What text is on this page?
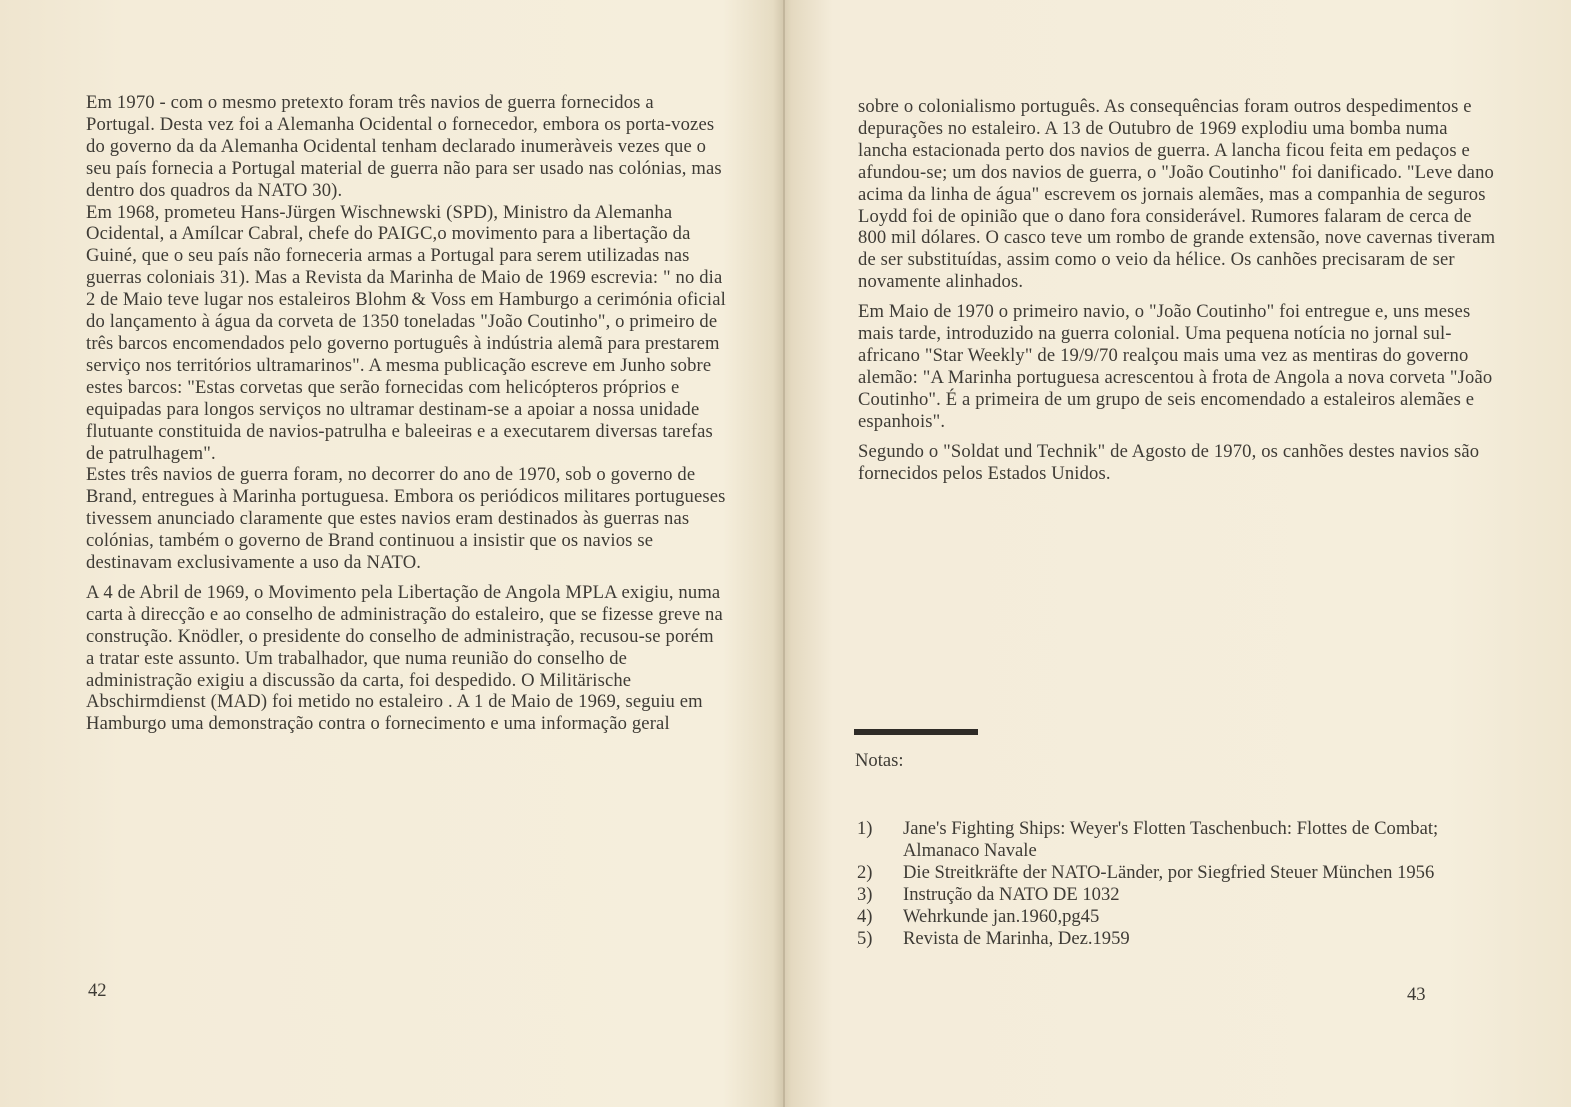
Em 1970 - com o mesmo pretexto foram três navios de guerra fornecidos a Portugal. Desta vez foi a Alemanha Ocidental o fornecedor, embora os porta-vozes do governo da da Alemanha Ocidental tenham declarado inumeràveis vezes que o seu país fornecia a Portugal material de guerra não para ser usado nas colónias, mas dentro dos quadros da NATO 30).

Em 1968, prometeu Hans-Jürgen Wischnewski (SPD), Ministro da Alemanha Ocidental, a Amílcar Cabral, chefe do PAIGC,o movimento para a libertação da Guiné, que o seu país não forneceria armas a Portugal para serem utilizadas nas guerras coloniais 31). Mas a Revista da Marinha de Maio de 1969 escrevia: " no dia 2 de Maio teve lugar nos estaleiros Blohm & Voss em Hamburgo a cerimónia oficial do lançamento à água da corveta de 1350 toneladas "João Coutinho", o primeiro de três barcos encomendados pelo governo português à indústria alemã para prestarem serviço nos territórios ultramarinos". A mesma publicação escreve em Junho sobre estes barcos: "Estas corvetas que serão fornecidas com helicópteros próprios e equipadas para longos serviços no ultramar destinam-se a apoiar a nossa unidade flutuante constituida de navios-patrulha e baleeiras e a executarem diversas tarefas de patrulhagem".

Estes três navios de guerra foram, no decorrer do ano de 1970, sob o governo de Brand, entregues à Marinha portuguesa. Embora os periódicos militares portugueses tivessem anunciado claramente que estes navios eram destinados às guerras nas colónias, também o governo de Brand continuou a insistir que os navios se destinavam exclusivamente a uso da NATO.

A 4 de Abril de 1969, o Movimento pela Libertação de Angola MPLA exigiu, numa carta à direcção e ao conselho de administração do estaleiro, que se fizesse greve na construção. Knödler, o presidente do conselho de administração, recusou-se porém a tratar este assunto. Um trabalhador, que numa reunião do conselho de administração exigiu a discussão da carta, foi despedido. O Militärische Abschirmdienst (MAD) foi metido no estaleiro . A 1 de Maio de 1969, seguiu em Hamburgo uma demonstração contra o fornecimento e uma informação geral

42

sobre o colonialismo português. As consequências foram outros despedimentos e depurações no estaleiro. A 13 de Outubro de 1969 explodiu uma bomba numa lancha estacionada perto dos navios de guerra. A lancha ficou feita em pedaços e afundou-se; um dos navios de guerra, o "João Coutinho" foi danificado. "Leve dano acima da linha de água" escrevem os jornais alemães, mas a companhia de seguros Loydd foi de opinião que o dano fora considerável. Rumores falaram de cerca de 800 mil dólares. O casco teve um rombo de grande extensão, nove cavernas tiveram de ser substituídas, assim como o veio da hélice. Os canhões precisaram de ser novamente alinhados.

Em Maio de 1970 o primeiro navio, o "João Coutinho" foi entregue e, uns meses mais tarde, introduzido na guerra colonial. Uma pequena notícia no jornal sul-africano "Star Weekly" de 19/9/70 realçou mais uma vez as mentiras do governo alemão: "A Marinha portuguesa acrescentou à frota de Angola a nova corveta "João Coutinho". É a primeira de um grupo de seis encomendado a estaleiros alemães e espanhois".

Segundo o "Soldat und Technik" de Agosto de 1970, os canhões destes navios são fornecidos pelos Estados Unidos.

Notas:
1)	Jane's Fighting Ships: Weyer's Flotten Taschenbuch: Flottes de Combat; Almanaco Navale
2)	Die Streitkräfte der NATO-Länder, por Siegfried Steuer München 1956
3)	Instrução da NATO DE 1032
4)	Wehrkunde jan.1960,pg45
5)	Revista de Marinha, Dez.1959
43
